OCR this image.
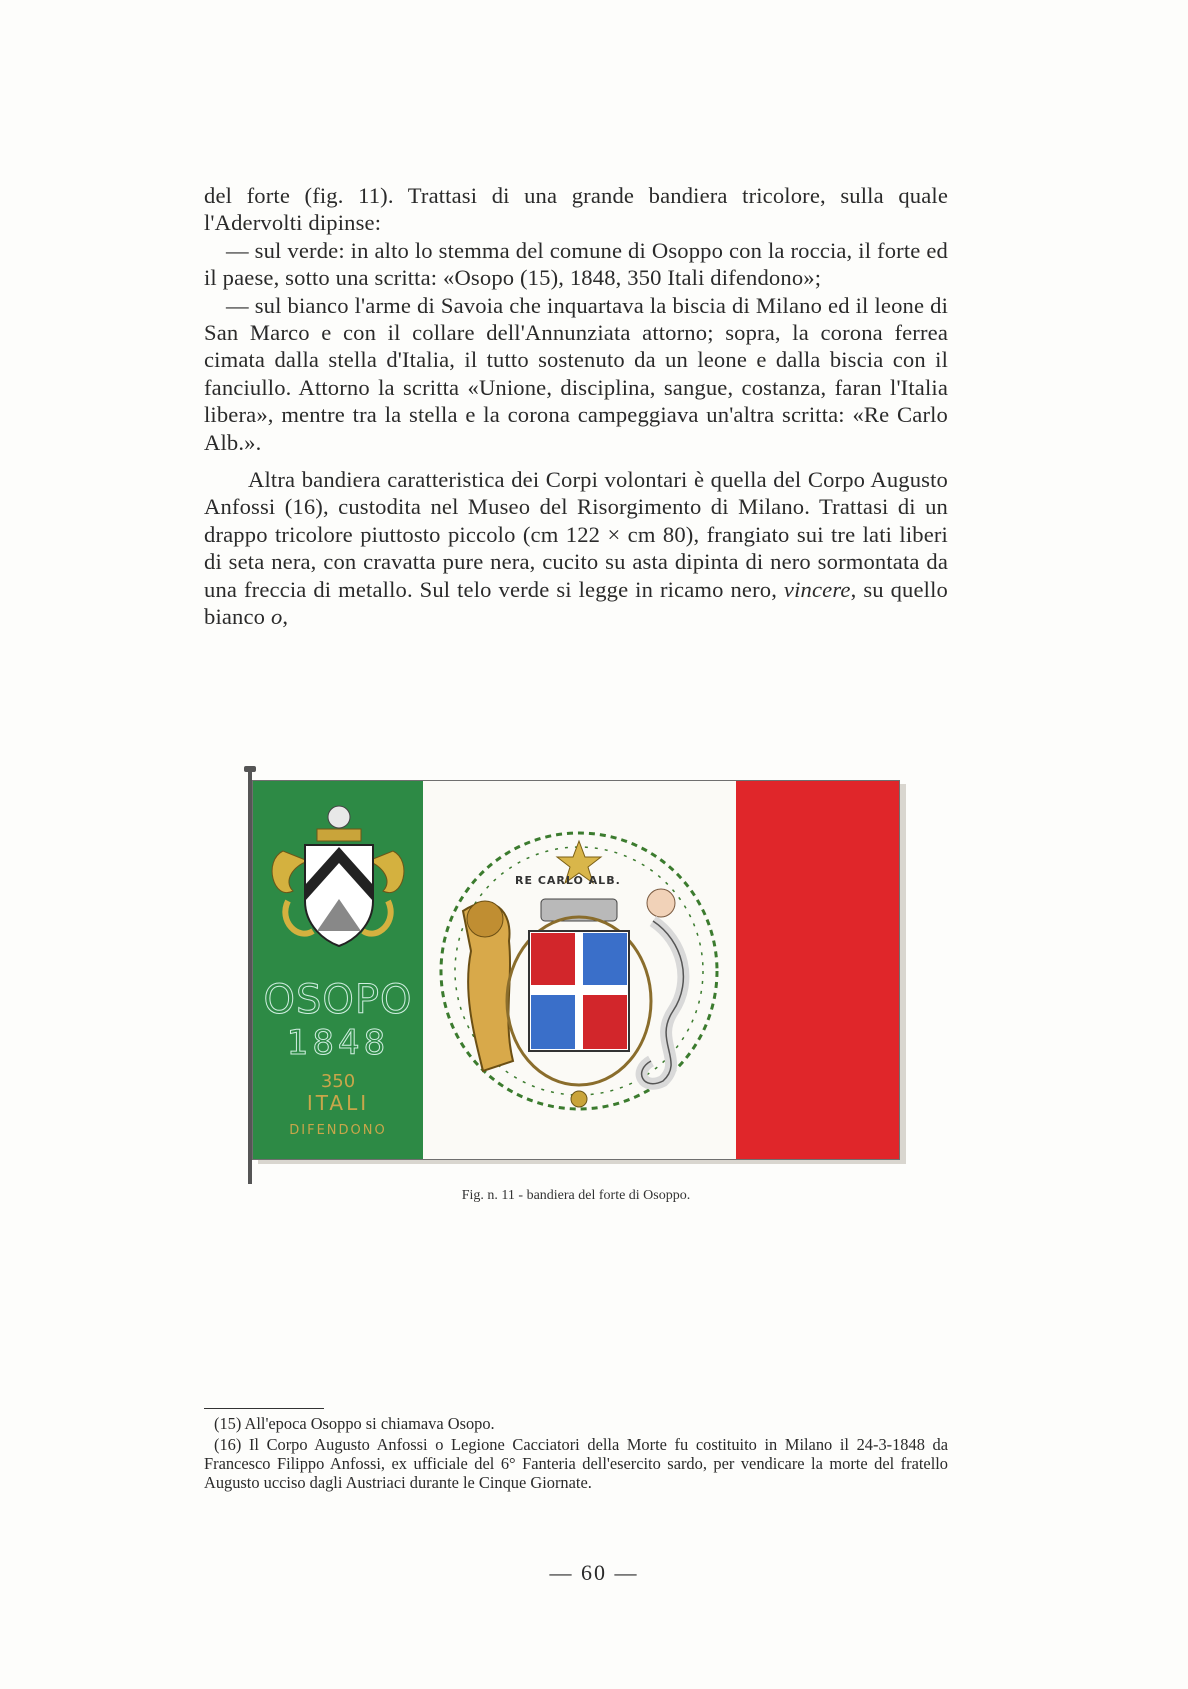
del forte (fig. 11). Trattasi di una grande bandiera tricolore, sulla quale l'Adervolti dipinse:

— sul verde: in alto lo stemma del comune di Osoppo con la roccia, il forte ed il paese, sotto una scritta: «Osopo (15), 1848, 350 Itali difendono»;

— sul bianco l'arme di Savoia che inquartava la biscia di Milano ed il leone di San Marco e con il collare dell'Annunziata attorno; sopra, la corona ferrea cimata dalla stella d'Italia, il tutto sostenuto da un leone e dalla biscia con il fanciullo. Attorno la scritta «Unione, disciplina, sangue, costanza, faran l'Italia libera», mentre tra la stella e la corona campeggiava un'altra scritta: «Re Carlo Alb.».

Altra bandiera caratteristica dei Corpi volontari è quella del Corpo Augusto Anfossi (16), custodita nel Museo del Risorgimento di Milano. Trattasi di un drappo tricolore piuttosto piccolo (cm 122 × cm 80), frangiato sui tre lati liberi di seta nera, con cravatta pure nera, cucito su asta dipinta di nero sormontata da una freccia di metallo. Sul telo verde si legge in ricamo nero, vincere, su quello bianco o,

OSOPO
1848
350
ITALI
DIFENDONO
RE CARLO ALB.
Fig. n. 11 - bandiera del forte di Osoppo.

(15) All'epoca Osoppo si chiamava Osopo.

(16) Il Corpo Augusto Anfossi o Legione Cacciatori della Morte fu costituito in Milano il 24-3-1848 da Francesco Filippo Anfossi, ex ufficiale del 6° Fanteria dell'esercito sardo, per vendicare la morte del fratello Augusto ucciso dagli Austriaci durante le Cinque Giornate.

— 60 —
